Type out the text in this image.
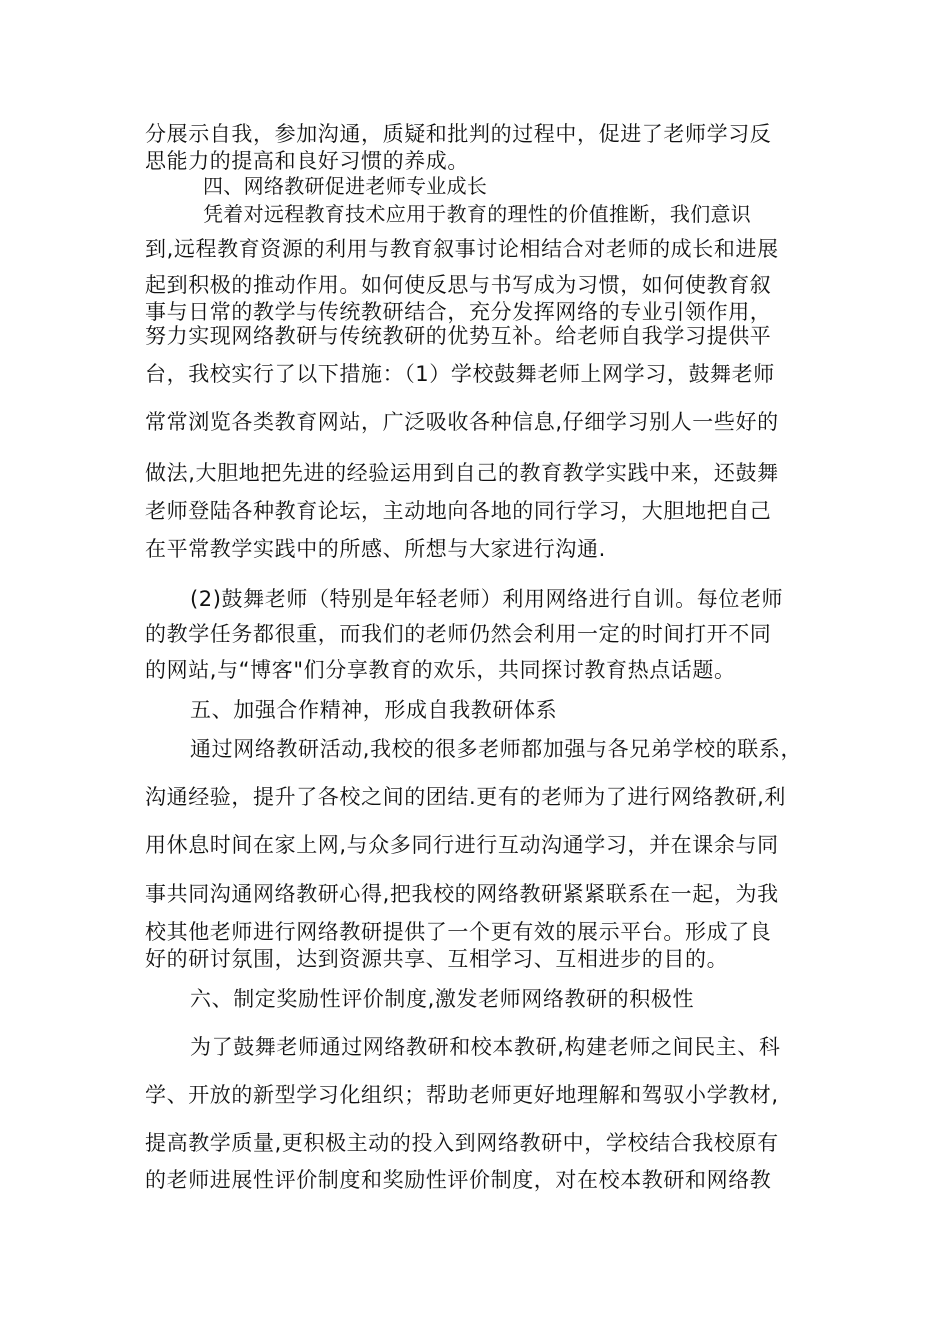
分展示自我，参加沟通，质疑和批判的过程中，促进了老师学习反
思能力的提高和良好习惯的养成。
四、网络教研促进老师专业成长
凭着对远程教育技术应用于教育的理性的价值推断，我们意识
到,远程教育资源的利用与教育叙事讨论相结合对老师的成长和进展
起到积极的推动作用。如何使反思与书写成为习惯，如何使教育叙
事与日常的教学与传统教研结合，充分发挥网络的专业引领作用，
努力实现网络教研与传统教研的优势互补。给老师自我学习提供平
台，我校实行了以下措施：（1）学校鼓舞老师上网学习，鼓舞老师
常常浏览各类教育网站，广泛吸收各种信息,仔细学习别人一些好的
做法,大胆地把先进的经验运用到自己的教育教学实践中来，还鼓舞
老师登陆各种教育论坛，主动地向各地的同行学习，大胆地把自己
在平常教学实践中的所感、所想与大家进行沟通.
(2)鼓舞老师（特别是年轻老师）利用网络进行自训。每位老师
的教学任务都很重，而我们的老师仍然会利用一定的时间打开不同
的网站,与“博客"们分享教育的欢乐，共同探讨教育热点话题。
五、加强合作精神，形成自我教研体系
通过网络教研活动,我校的很多老师都加强与各兄弟学校的联系，
沟通经验，提升了各校之间的团结.更有的老师为了进行网络教研,利
用休息时间在家上网,与众多同行进行互动沟通学习，并在课余与同
事共同沟通网络教研心得,把我校的网络教研紧紧联系在一起，为我
校其他老师进行网络教研提供了一个更有效的展示平台。形成了良
好的研讨氛围，达到资源共享、互相学习、互相进步的目的。
六、制定奖励性评价制度,激发老师网络教研的积极性
为了鼓舞老师通过网络教研和校本教研,构建老师之间民主、科
学、开放的新型学习化组织；帮助老师更好地理解和驾驭小学教材,
提高教学质量,更积极主动的投入到网络教研中，学校结合我校原有
的老师进展性评价制度和奖励性评价制度，对在校本教研和网络教
